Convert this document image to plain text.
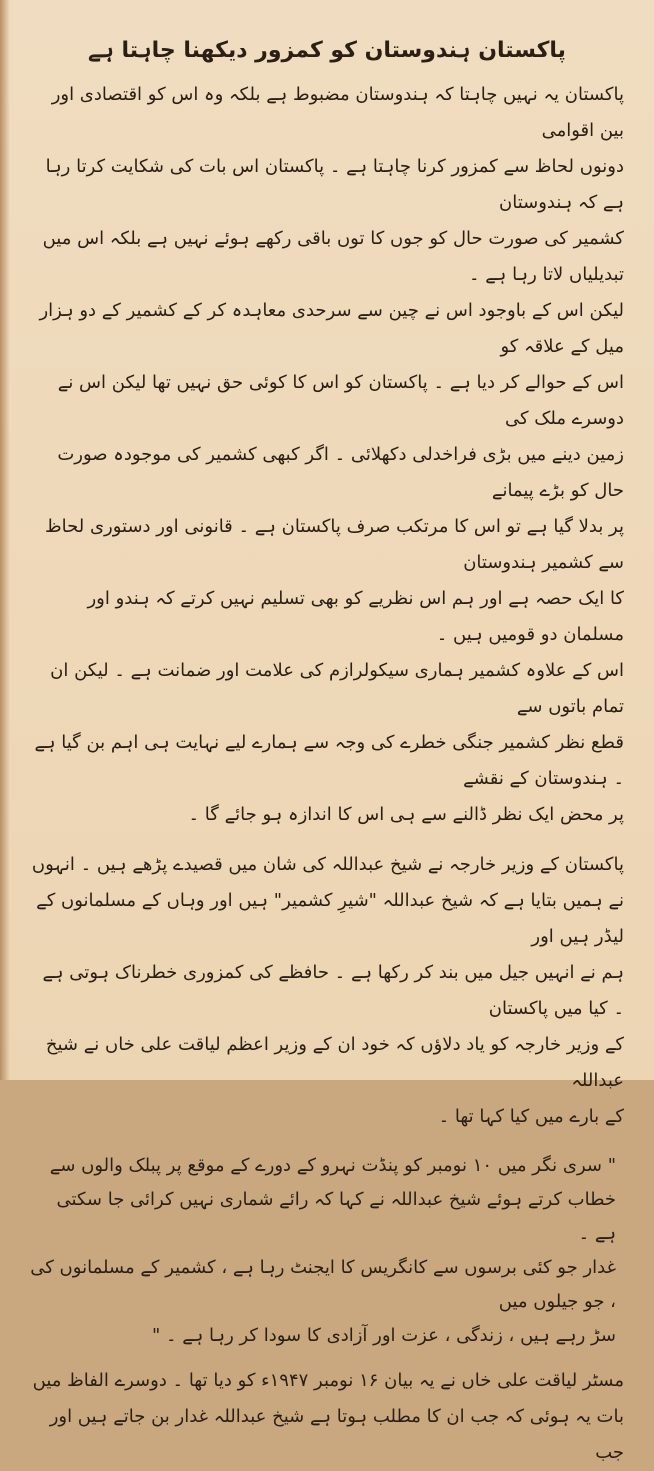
پاکستان ہندوستان کو کمزور دیکھنا چاہتا ہے

پاکستان یہ نہیں چاہتا کہ ہندوستان مضبوط ہے بلکہ وہ اس کو اقتصادی اور بین اقوامی

دونوں لحاظ سے کمزور کرنا چاہتا ہے ۔ پاکستان اس بات کی شکایت کرتا رہا ہے کہ ہندوستان

کشمیر کی صورت حال کو جوں کا توں باقی رکھے ہوئے نہیں ہے بلکہ اس میں تبدیلیاں لاتا رہا ہے ۔

لیکن اس کے باوجود اس نے چین سے سرحدی معاہدہ کر کے کشمیر کے دو ہزار میل کے علاقہ کو

اس کے حوالے کر دیا ہے ۔ پاکستان کو اس کا کوئی حق نہیں تھا لیکن اس نے دوسرے ملک کی

زمین دینے میں بڑی فراخدلی دکھلائی ۔ اگر کبھی کشمیر کی موجودہ صورت حال کو بڑے پیمانے

پر بدلا گیا ہے تو اس کا مرتکب صرف پاکستان ہے ۔ قانونی اور دستوری لحاظ سے کشمیر ہندوستان

کا ایک حصہ ہے اور ہم اس نظریے کو بھی تسلیم نہیں کرتے کہ ہندو اور مسلمان دو قومیں ہیں ۔

اس کے علاوہ کشمیر ہماری سیکولرازم کی علامت اور ضمانت ہے ۔ لیکن ان تمام باتوں سے

قطع نظر کشمیر جنگی خطرے کی وجہ سے ہمارے لیے نہایت ہی اہم بن گیا ہے ۔ ہندوستان کے نقشے

پر محض ایک نظر ڈالنے سے ہی اس کا اندازہ ہو جائے گا ۔

پاکستان کے وزیر خارجہ نے شیخ عبداللہ کی شان میں قصیدے پڑھے ہیں ۔ انہوں

نے ہمیں بتایا ہے کہ شیخ عبداللہ "شیرِ کشمیر" ہیں اور وہاں کے مسلمانوں کے لیڈر ہیں اور

ہم نے انہیں جیل میں بند کر رکھا ہے ۔ حافظے کی کمزوری خطرناک ہوتی ہے ۔ کیا میں پاکستان

کے وزیر خارجہ کو یاد دلاؤں کہ خود ان کے وزیر اعظم لیاقت علی خاں نے شیخ عبداللہ

کے بارے میں کیا کہا تھا ۔

" سری نگر میں ۱۰ نومبر کو پنڈت نہرو کے دورے کے موقع پر پبلک والوں سے

خطاب کرتے ہوئے شیخ عبداللہ نے کہا کہ رائے شماری نہیں کرائی جا سکتی ہے ۔

غدار جو کئی برسوں سے کانگریس کا ایجنٹ رہا ہے ، کشمیر کے مسلمانوں کی ، جو جیلوں میں

سڑ رہے ہیں ، زندگی ، عزت اور آزادی کا سودا کر رہا ہے ۔ "

مسٹر لیاقت علی خاں نے یہ بیان ۱۶ نومبر ۱۹۴۷ء کو دیا تھا ۔ دوسرے الفاظ میں

بات یہ ہوئی کہ جب ان کا مطلب ہوتا ہے شیخ عبداللہ غدار بن جاتے ہیں اور جب
